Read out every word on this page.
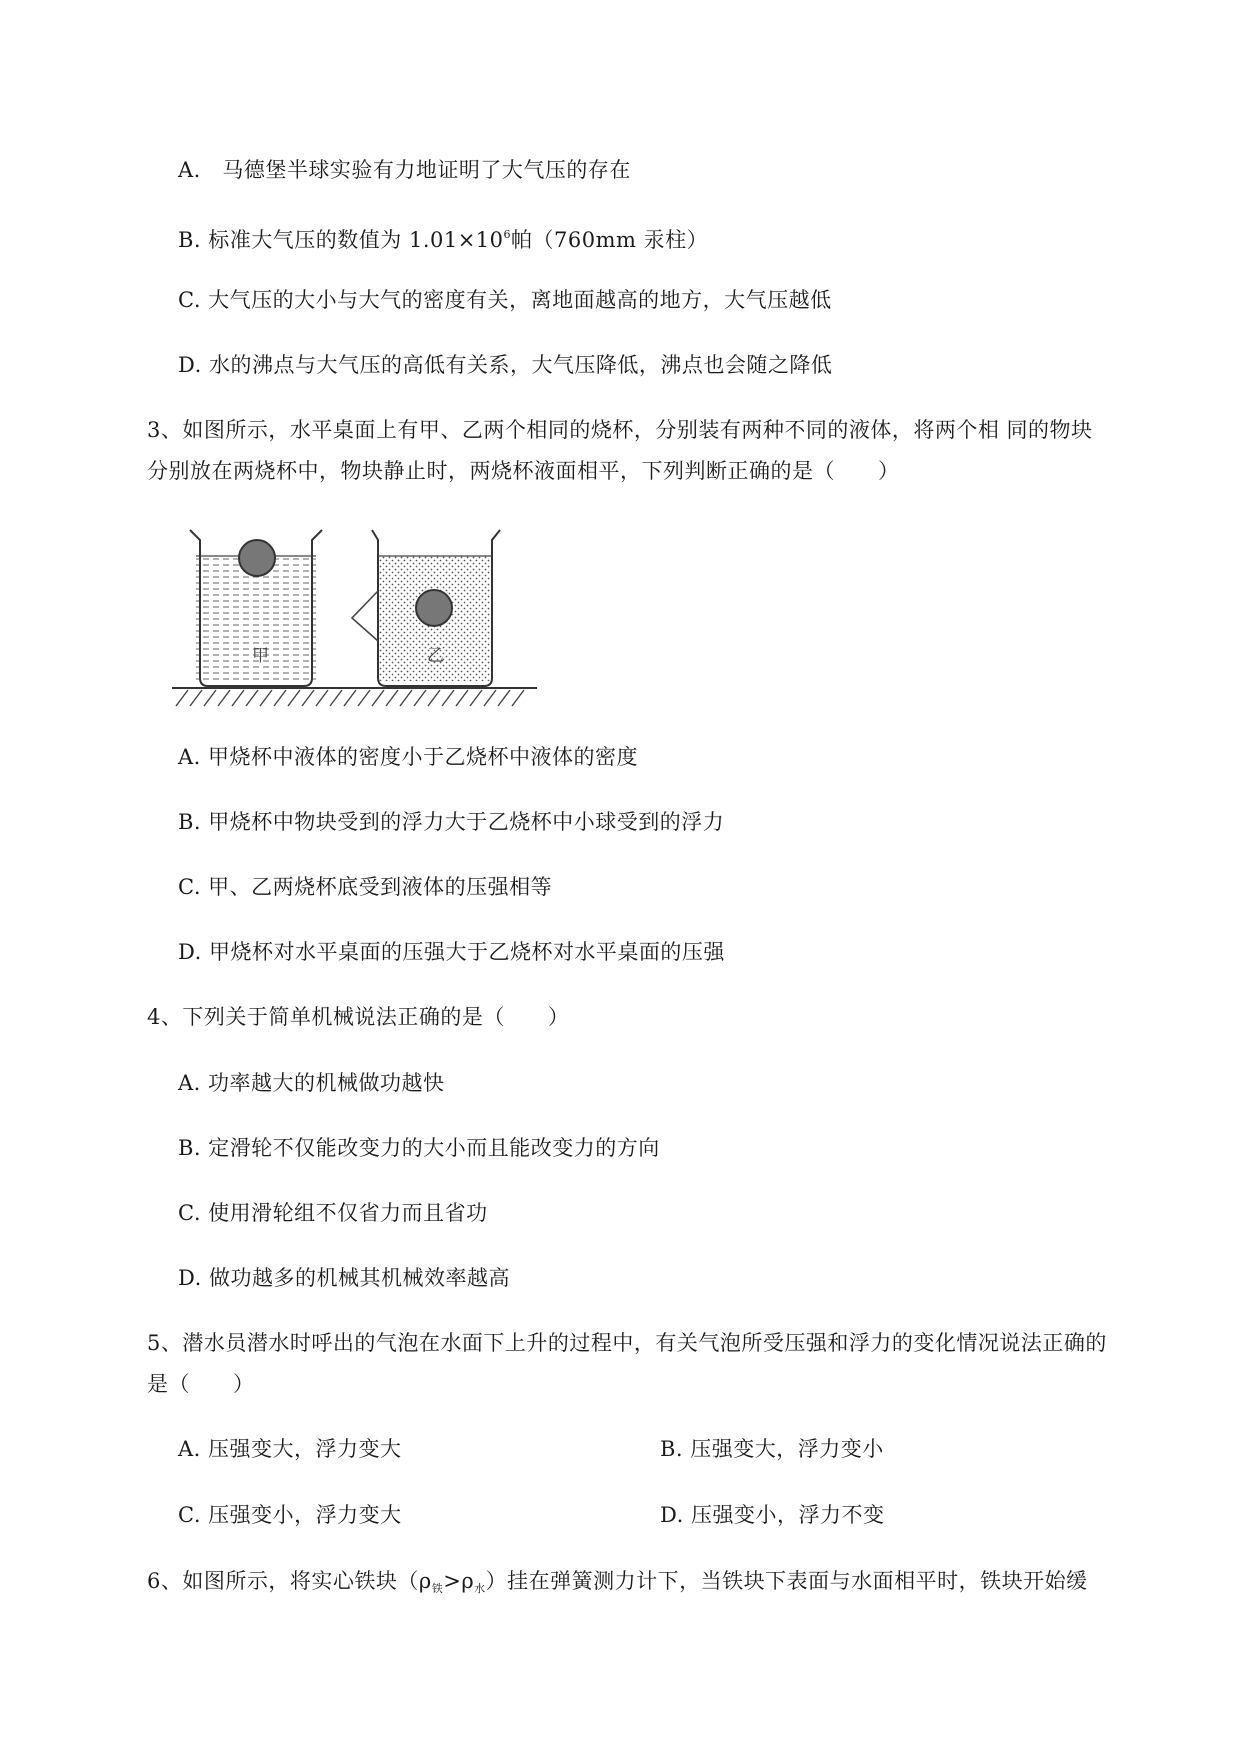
A.　马德堡半球实验有力地证明了大气压的存在
B. 标准大气压的数值为 $1.01\times 10^6$帕（760mm 汞柱）
C. 大气压的大小与大气的密度有关，离地面越高的地方，大气压越低
D. 水的沸点与大气压的高低有关系，大气压降低，沸点也会随之降低
3、如图所示，水平桌面上有甲、乙两个相同的烧杯，分别装有两种不同的液体，将两个相 同的物块
分别放在两烧杯中，物块静止时，两烧杯液面相平，下列判断正确的是（　　）
甲	乙
A. 甲烧杯中液体的密度小于乙烧杯中液体的密度
B. 甲烧杯中物块受到的浮力大于乙烧杯中小球受到的浮力
C. 甲、乙两烧杯底受到液体的压强相等
D. 甲烧杯对水平桌面的压强大于乙烧杯对水平桌面的压强
4、下列关于简单机械说法正确的是（　　）
A. 功率越大的机械做功越快
B. 定滑轮不仅能改变力的大小而且能改变力的方向
C. 使用滑轮组不仅省力而且省功
D. 做功越多的机械其机械效率越高
5、潜水员潜水时呼出的气泡在水面下上升的过程中，有关气泡所受压强和浮力的变化情况说法正确的
是（　　）
A. 压强变大，浮力变大	B. 压强变大，浮力变小
C. 压强变小，浮力变大	D. 压强变小，浮力不变
6、如图所示，将实心铁块$(\rho_铁>\rho_水)$挂在弹簧测力计下，当铁块下表面与水面相平时，铁块开始缓
